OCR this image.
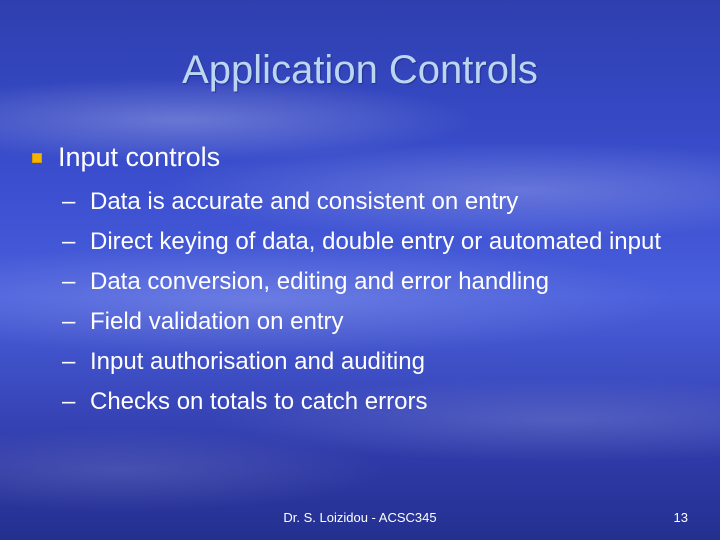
Application Controls
Input controls
– Data is accurate and consistent on entry
– Direct keying of data, double entry or automated input
– Data conversion, editing and error handling
– Field validation on entry
– Input authorisation and auditing
– Checks on totals to catch errors
Dr. S. Loizidou - ACSC345	13
